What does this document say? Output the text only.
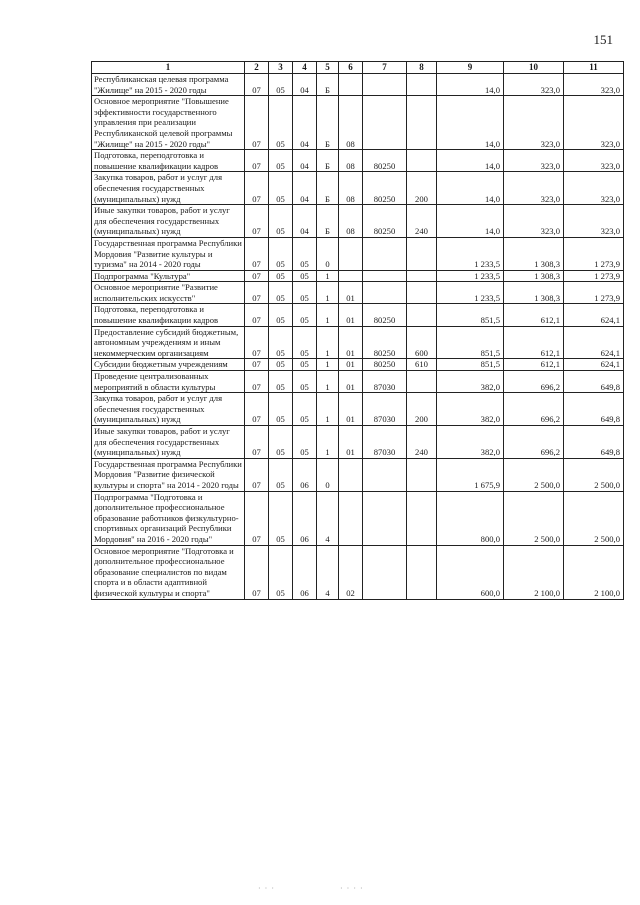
151
1	2	3	4	5	6	7	8	9	10	11

Республиканская целевая программа "Жилище" на 2015 - 2020 годы	07	05	04	Б				14,0	323,0	323,0

Основное мероприятие "Повышение эффективности государственного управления при реализации Республиканской целевой программы "Жилище" на 2015 - 2020 годы"	07	05	04	Б	08			14,0	323,0	323,0

Подготовка, переподготовка и повышение квалификации кадров	07	05	04	Б	08	80250		14,0	323,0	323,0

Закупка товаров, работ и услуг для обеспечения государственных (муниципальных) нужд	07	05	04	Б	08	80250	200	14,0	323,0	323,0

Иные закупки товаров, работ и услуг для обеспечения государственных (муниципальных) нужд	07	05	04	Б	08	80250	240	14,0	323,0	323,0

Государственная программа Республики Мордовия "Развитие культуры и туризма" на 2014 - 2020 годы	07	05	05	0				1 233,5	1 308,3	1 273,9

Подпрограмма "Культура"	07	05	05	1				1 233,5	1 308,3	1 273,9

Основное мероприятие "Развитие исполнительских искусств"	07	05	05	1	01			1 233,5	1 308,3	1 273,9

Подготовка, переподготовка и повышение квалификации кадров	07	05	05	1	01	80250		851,5	612,1	624,1

Предоставление субсидий бюджетным, автономным учреждениям и иным некоммерческим организациям	07	05	05	1	01	80250	600	851,5	612,1	624,1

Субсидии бюджетным учреждениям	07	05	05	1	01	80250	610	851,5	612,1	624,1

Проведение централизованных мероприятий в области культуры	07	05	05	1	01	87030		382,0	696,2	649,8

Закупка товаров, работ и услуг для обеспечения государственных (муниципальных) нужд	07	05	05	1	01	87030	200	382,0	696,2	649,8

Иные закупки товаров, работ и услуг для обеспечения государственных (муниципальных) нужд	07	05	05	1	01	87030	240	382,0	696,2	649,8

Государственная программа Республики Мордовия "Развитие физической культуры и спорта" на 2014 - 2020 годы	07	05	06	0				1 675,9	2 500,0	2 500,0

Подпрограмма "Подготовка и дополнительное профессиональное образование работников физкультурно-спортивных организаций Республики Мордовия" на 2016 - 2020 годы"	07	05	06	4				800,0	2 500,0	2 500,0

Основное мероприятие "Подготовка и дополнительное профессиональное образование специалистов по видам спорта и в области адаптивной физической культуры и спорта"	07	05	06	4	02			600,0	2 100,0	2 100,0
· · ·	· · · ·
